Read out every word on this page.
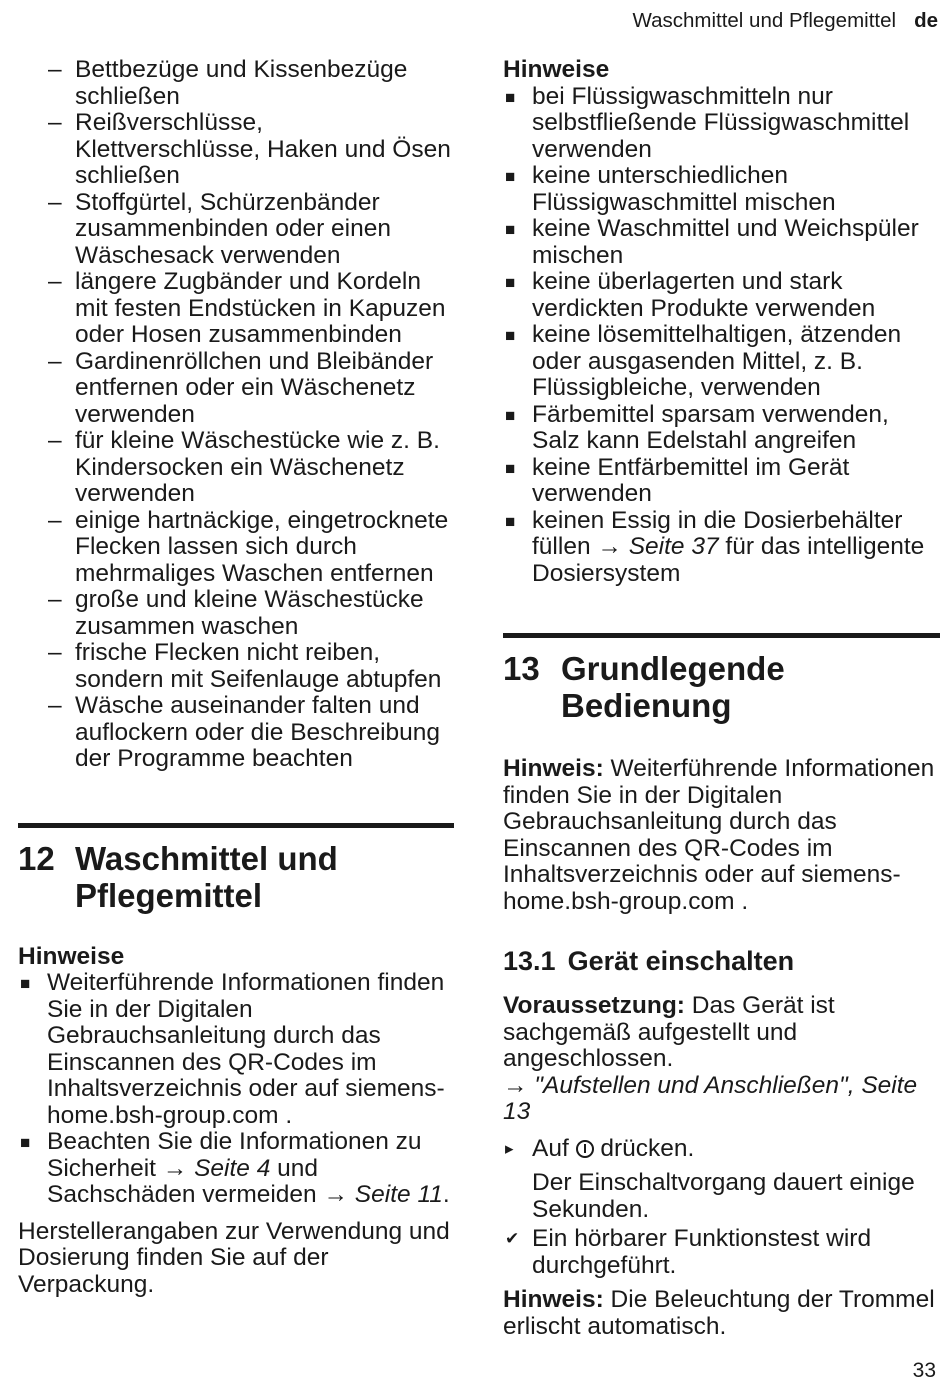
Waschmittel und Pflegemittel de
– Bettbezüge und Kissenbezüge schließen
– Reißverschlüsse, Klettverschlüsse, Haken und Ösen schließen
– Stoffgürtel, Schürzenbänder zusammenbinden oder einen Wäschesack verwenden
– längere Zugbänder und Kordeln mit festen Endstücken in Kapuzen oder Hosen zusammenbinden
– Gardinenröllchen und Bleibänder entfernen oder ein Wäschenetz verwenden
– für kleine Wäschestücke wie z. B. Kindersocken ein Wäschenetz verwenden
– einige hartnäckige, eingetrocknete Flecken lassen sich durch mehrmaliges Waschen entfernen
– große und kleine Wäschestücke zusammen waschen
– frische Flecken nicht reiben, sondern mit Seifenlauge abtupfen
– Wäsche auseinander falten und auflockern oder die Beschreibung der Programme beachten
12 Waschmittel und Pflegemittel

Hinweise

■ Weiterführende Informationen finden Sie in der Digitalen Gebrauchsanleitung durch das Einscannen des QR-Codes im Inhaltsverzeichnis oder auf siemens-home.bsh-group.com .
■ Beachten Sie die Informationen zu Sicherheit → Seite 4 und Sachschäden vermeiden → Seite 11.

Herstellerangaben zur Verwendung und Dosierung finden Sie auf der Verpackung.

Hinweise

■ bei Flüssigwaschmitteln nur selbstfließende Flüssigwaschmittel verwenden
■ keine unterschiedlichen Flüssigwaschmittel mischen
■ keine Waschmittel und Weichspüler mischen
■ keine überlagerten und stark verdickten Produkte verwenden
■ keine lösemittelhaltigen, ätzenden oder ausgasenden Mittel, z. B. Flüssigbleiche, verwenden
■ Färbemittel sparsam verwenden, Salz kann Edelstahl angreifen
■ keine Entfärbemittel im Gerät verwenden
■ keinen Essig in die Dosierbehälter füllen → Seite 37 für das intelligente Dosiersystem
13 Grundlegende Bedienung

Hinweis: Weiterführende Informationen finden Sie in der Digitalen Gebrauchsanleitung durch das Einscannen des QR-Codes im Inhaltsverzeichnis oder auf siemens-home.bsh-group.com .

13.1 Gerät einschalten

Voraussetzung: Das Gerät ist sachgemäß aufgestellt und angeschlossen.

→ "Aufstellen und Anschließen", Seite 13

▸ Auf  drücken.

Der Einschaltvorgang dauert einige Sekunden.

✔ Ein hörbarer Funktionstest wird durchgeführt.

Hinweis: Die Beleuchtung der Trommel erlischt automatisch.

33
